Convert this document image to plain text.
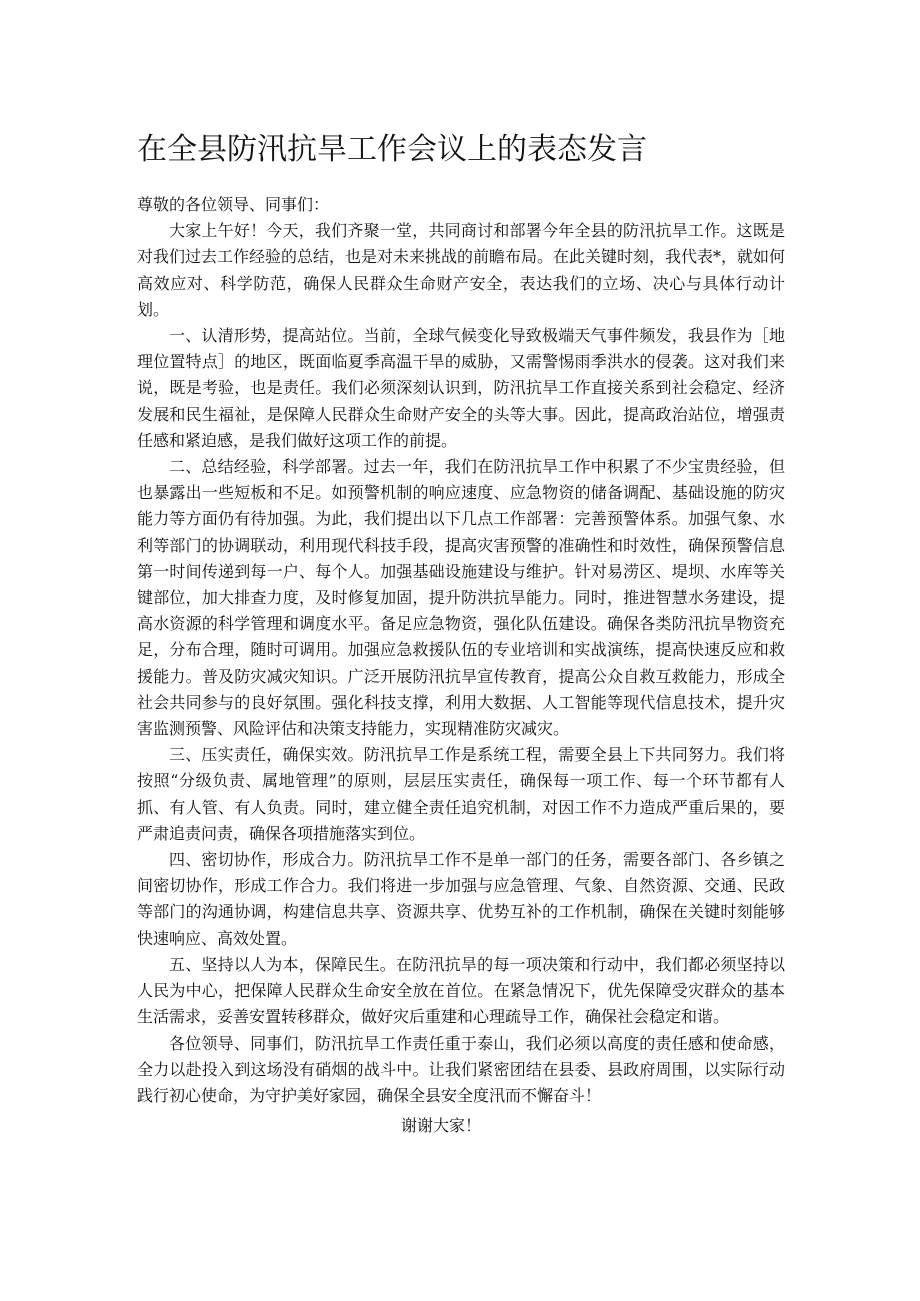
在全县防汛抗旱工作会议上的表态发言

尊敬的各位领导、同事们：

大家上午好！今天，我们齐聚一堂，共同商讨和部署今年全县的防汛抗旱工作。这既是对我们过去工作经验的总结，也是对未来挑战的前瞻布局。在此关键时刻，我代表*，就如何高效应对、科学防范，确保人民群众生命财产安全，表达我们的立场、决心与具体行动计划。

一、认清形势，提高站位。当前，全球气候变化导致极端天气事件频发，我县作为［地理位置特点］的地区，既面临夏季高温干旱的威胁，又需警惕雨季洪水的侵袭。这对我们来说，既是考验，也是责任。我们必须深刻认识到，防汛抗旱工作直接关系到社会稳定、经济发展和民生福祉，是保障人民群众生命财产安全的头等大事。因此，提高政治站位，增强责任感和紧迫感，是我们做好这项工作的前提。

二、总结经验，科学部署。过去一年，我们在防汛抗旱工作中积累了不少宝贵经验，但也暴露出一些短板和不足。如预警机制的响应速度、应急物资的储备调配、基础设施的防灾能力等方面仍有待加强。为此，我们提出以下几点工作部署：完善预警体系。加强气象、水利等部门的协调联动，利用现代科技手段，提高灾害预警的准确性和时效性，确保预警信息第一时间传递到每一户、每个人。加强基础设施建设与维护。针对易涝区、堤坝、水库等关键部位，加大排查力度，及时修复加固，提升防洪抗旱能力。同时，推进智慧水务建设，提高水资源的科学管理和调度水平。备足应急物资，强化队伍建设。确保各类防汛抗旱物资充足，分布合理，随时可调用。加强应急救援队伍的专业培训和实战演练，提高快速反应和救援能力。普及防灾减灾知识。广泛开展防汛抗旱宣传教育，提高公众自救互救能力，形成全社会共同参与的良好氛围。强化科技支撑，利用大数据、人工智能等现代信息技术，提升灾害监测预警、风险评估和决策支持能力，实现精准防灾减灾。

三、压实责任，确保实效。防汛抗旱工作是系统工程，需要全县上下共同努力。我们将按照“分级负责、属地管理”的原则，层层压实责任，确保每一项工作、每一个环节都有人抓、有人管、有人负责。同时，建立健全责任追究机制，对因工作不力造成严重后果的，要严肃追责问责，确保各项措施落实到位。

四、密切协作，形成合力。防汛抗旱工作不是单一部门的任务，需要各部门、各乡镇之间密切协作，形成工作合力。我们将进一步加强与应急管理、气象、自然资源、交通、民政等部门的沟通协调，构建信息共享、资源共享、优势互补的工作机制，确保在关键时刻能够快速响应、高效处置。

五、坚持以人为本，保障民生。在防汛抗旱的每一项决策和行动中，我们都必须坚持以人民为中心，把保障人民群众生命安全放在首位。在紧急情况下，优先保障受灾群众的基本生活需求，妥善安置转移群众，做好灾后重建和心理疏导工作，确保社会稳定和谐。

各位领导、同事们，防汛抗旱工作责任重于泰山，我们必须以高度的责任感和使命感，全力以赴投入到这场没有硝烟的战斗中。让我们紧密团结在县委、县政府周围，以实际行动践行初心使命，为守护美好家园，确保全县安全度汛而不懈奋斗！

谢谢大家！
